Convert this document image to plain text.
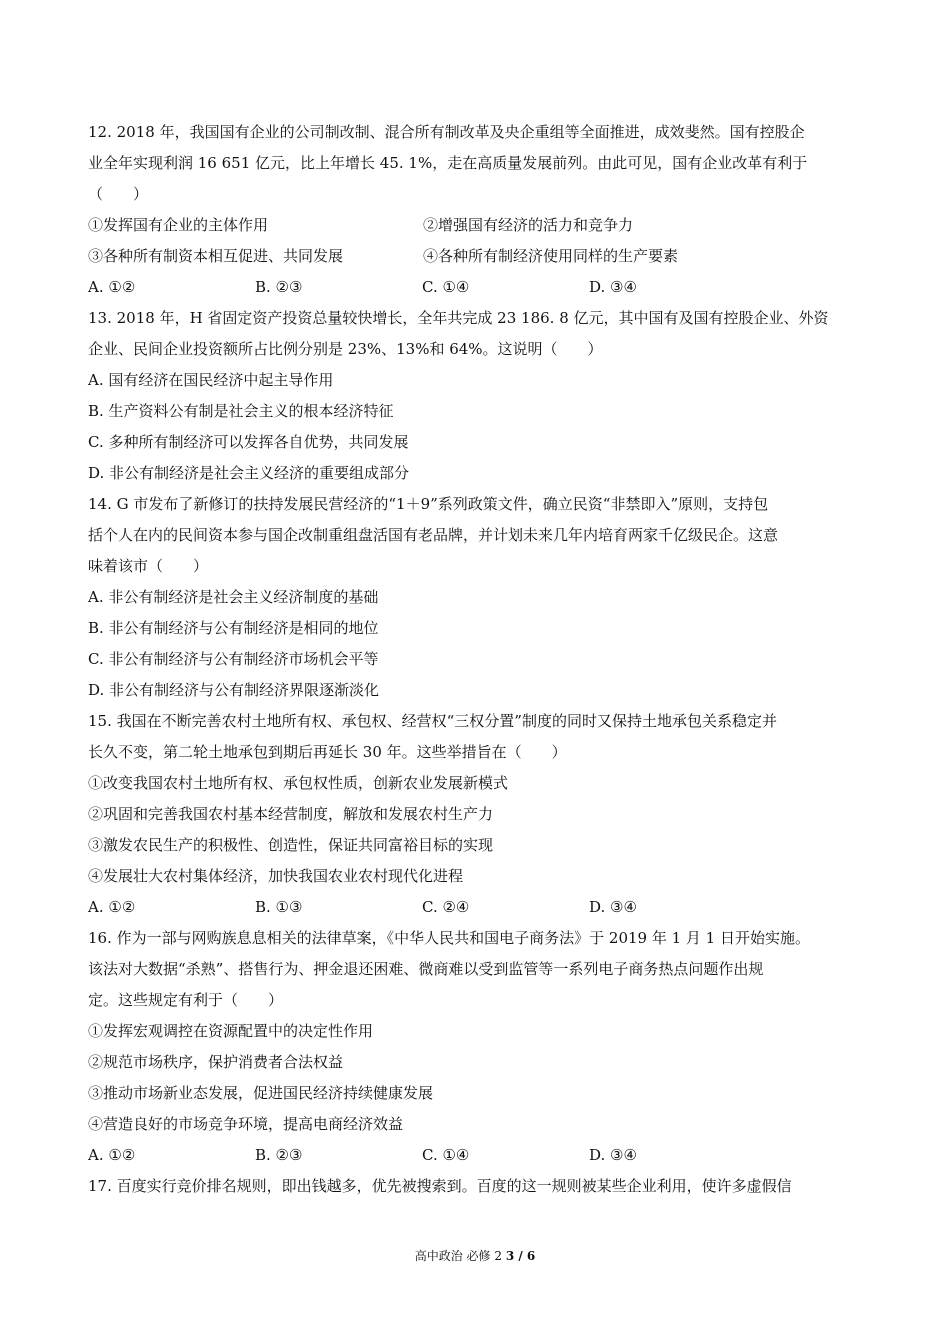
12. 2018 年，我国国有企业的公司制改制、混合所有制改革及央企重组等全面推进，成效斐然。国有控股企
业全年实现利润 16 651 亿元，比上年增长 45. 1%，走在高质量发展前列。由此可见，国有企业改革有利于
（　　）
①发挥国有企业的主体作用	②增强国有经济的活力和竞争力
③各种所有制资本相互促进、共同发展	④各种所有制经济使用同样的生产要素
A. ①②	B. ②③	C. ①④	D. ③④
13. 2018 年，H 省固定资产投资总量较快增长，全年共完成 23 186. 8 亿元，其中国有及国有控股企业、外资
企业、民间企业投资额所占比例分别是 23%、13%和 64%。这说明（　　）
A. 国有经济在国民经济中起主导作用
B. 生产资料公有制是社会主义的根本经济特征
C. 多种所有制经济可以发挥各自优势，共同发展
D. 非公有制经济是社会主义经济的重要组成部分
14. G 市发布了新修订的扶持发展民营经济的“1＋9”系列政策文件，确立民资“非禁即入”原则，支持包
括个人在内的民间资本参与国企改制重组盘活国有老品牌，并计划未来几年内培育两家千亿级民企。这意
味着该市（　　）
A. 非公有制经济是社会主义经济制度的基础
B. 非公有制经济与公有制经济是相同的地位
C. 非公有制经济与公有制经济市场机会平等
D. 非公有制经济与公有制经济界限逐渐淡化
15. 我国在不断完善农村土地所有权、承包权、经营权“三权分置”制度的同时又保持土地承包关系稳定并
长久不变，第二轮土地承包到期后再延长 30 年。这些举措旨在（　　）
①改变我国农村土地所有权、承包权性质，创新农业发展新模式
②巩固和完善我国农村基本经营制度，解放和发展农村生产力
③激发农民生产的积极性、创造性，保证共同富裕目标的实现
④发展壮大农村集体经济，加快我国农业农村现代化进程
A. ①②	B. ①③	C. ②④	D. ③④
16. 作为一部与网购族息息相关的法律草案，《中华人民共和国电子商务法》于 2019 年 1 月 1 日开始实施。
该法对大数据“杀熟”、搭售行为、押金退还困难、微商难以受到监管等一系列电子商务热点问题作出规
定。这些规定有利于（　　）
①发挥宏观调控在资源配置中的决定性作用
②规范市场秩序，保护消费者合法权益
③推动市场新业态发展，促进国民经济持续健康发展
④营造良好的市场竞争环境，提高电商经济效益
A. ①②	B. ②③	C. ①④	D. ③④
17. 百度实行竞价排名规则，即出钱越多，优先被搜索到。百度的这一规则被某些企业利用，使许多虚假信
高中政治 必修 2 3 / 6
